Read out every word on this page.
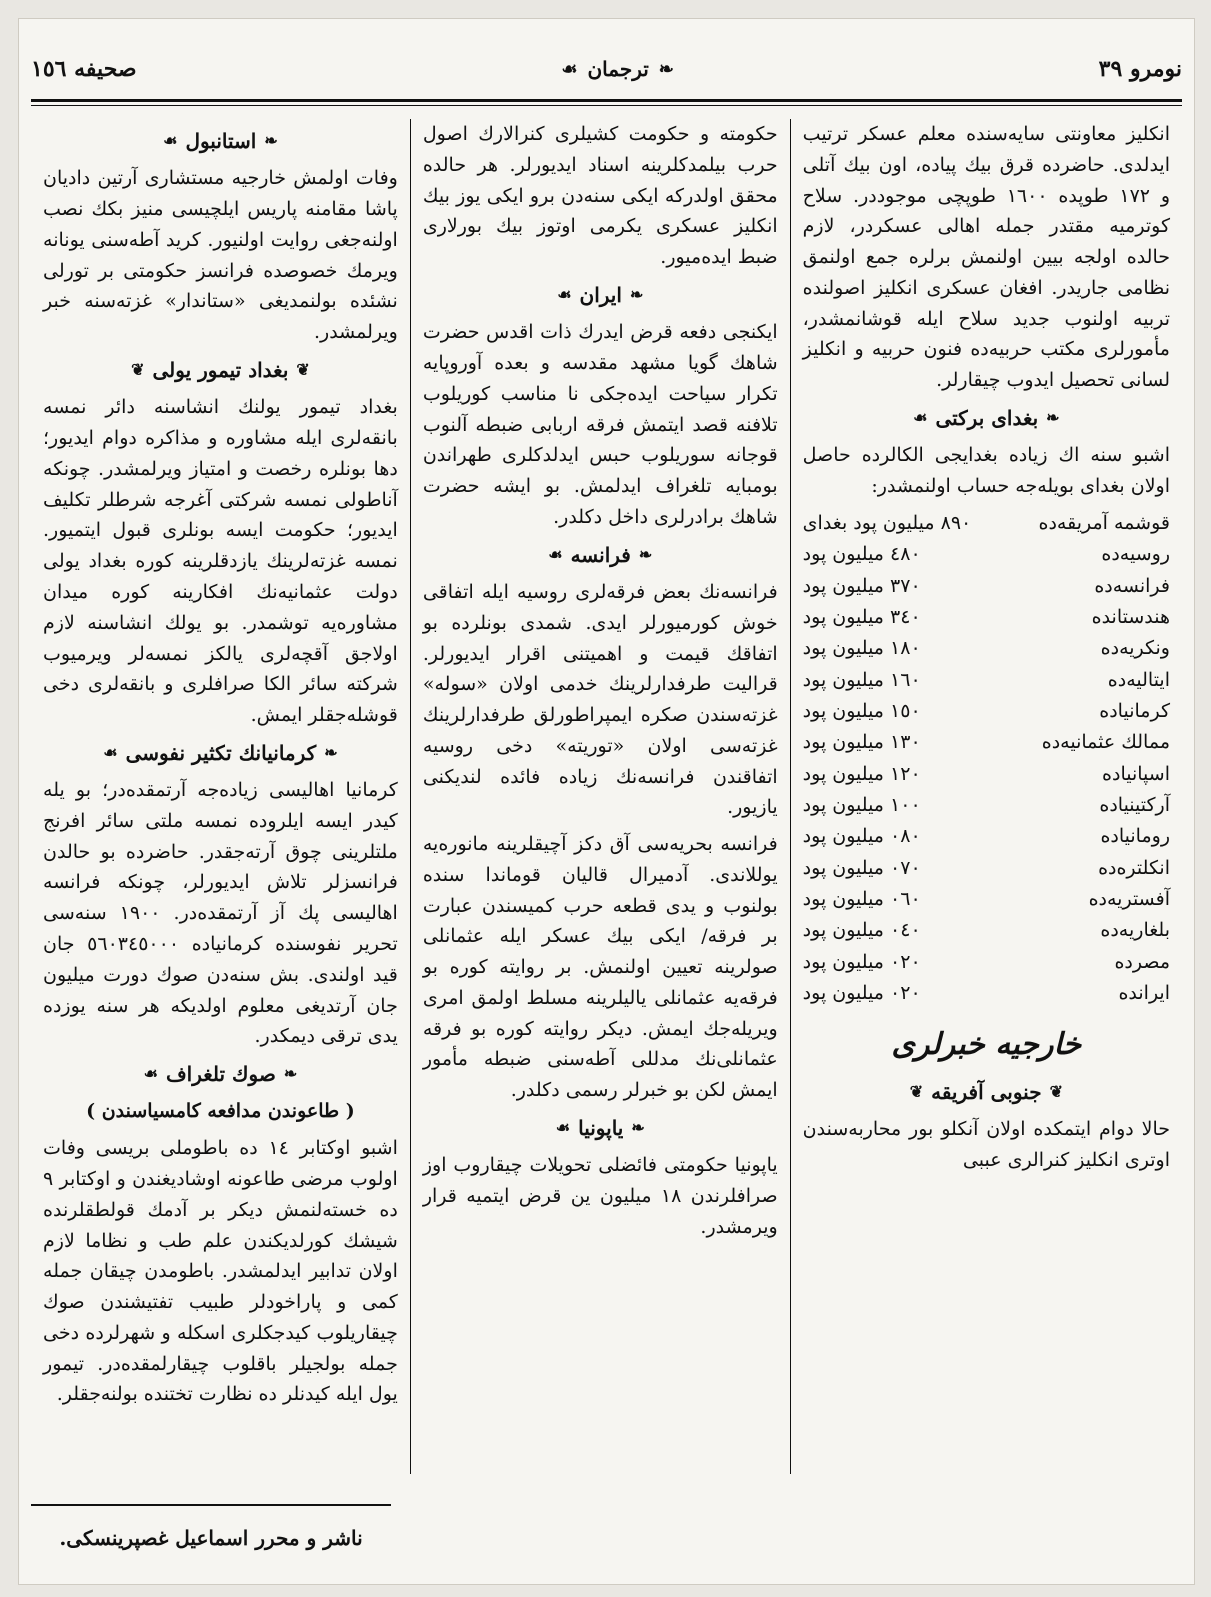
نومرو ٣٩
❧
ترجمان
☙
صحيفه ١٥٦

انكليز معاونتى سايه‌سنده معلم عسكر ترتيب ايدلدى. حاضرده قرق بيك پياده، اون بيك آتلى و ١٧٢ طوپده ١٦٠٠ طوپچى موجوددر. سلاح كوترميه مقتدر جمله اهالى عسكردر، لازم حالده اولجه بيين اولنمش برلره جمع اولنمق نظامى جاريدر. افغان عسكرى انكليز اصولنده تربيه اولنوب جديد سلاح ايله قوشانمشدر، مأمورلرى مكتب حربيه‌ده فنون حربيه و انكليز لسانى تحصيل ايدوب چيقارلر.

❧
بغداى بركتى
☙

اشبو سنه اك زياده بغدايجى الكالرده حاصل اولان بغداى بويله‌جه حساب اولنمشدر:

قوشمه آمريقه‌ده
٨٩٠ ميليون پود بغداى
روسيه‌ده
٤٨٠ ميليون پود
فرانسه‌ده
٣٧٠ ميليون پود
هندستانده
٣٤٠ ميليون پود
ونكريه‌ده
١٨٠ ميليون پود
ايتاليه‌ده
١٦٠ ميليون پود
كرمانياده
١٥٠ ميليون پود
ممالك عثمانيه‌ده
١٣٠ ميليون پود
اسپانياده
١٢٠ ميليون پود
آركتينياده
١٠٠ ميليون پود
رومانياده
٠٨٠ ميليون پود
انكلتره‌ده
٠٧٠ ميليون پود
آفستريه‌ده
٠٦٠ ميليون پود
بلغاريه‌ده
٠٤٠ ميليون پود
مصرده
٠٢٠ ميليون پود
ايرانده
٠٢٠ ميليون پود
خارجيه خبرلرى
❦
جنوبى آفريقه
❦

حالا دوام ايتمكده اولان آنكلو بور محاربه‌سندن اوترى انكليز كنرالرى عببى

حكومته و حكومت كشيلرى كنرالارك اصول حرب بيلمدكلرينه اسناد ايديورلر. هر حالده محقق اولدركه ايكى سنه‌دن برو ايكى يوز بيك انكليز عسكرى يكرمى اوتوز بيك بورلارى ضبط ايده‌ميور.

❧
ايران
☙

ايكنجى دفعه قرض ايدرك ذات اقدس حضرت شاهك گويا مشهد مقدسه و بعده آوروپايه تكرار سياحت ايده‌جكى نا مناسب كوريلوب تلافنه قصد ايتمش فرقه اربابى ضبطه آلنوب قوجانه سوريلوب حبس ايدلدكلرى طهراندن بومبايه تلغراف ايدلمش. بو ايشه حضرت شاهك برادرلرى داخل دكلدر.

❧
فرانسه
☙

فرانسه‌نك بعض فرقه‌لرى روسيه ايله اتفاقى خوش كورميورلر ايدى. شمدى بونلرده بو اتفاقك قيمت و اهميتنى اقرار ايديورلر. قراليت طرفدارلرينك خدمى اولان «سوله» غزته‌سندن صكره ايمپراطورلق طرفدارلرينك غزته‌سى اولان «توريته» دخى روسيه اتفاقندن فرانسه‌نك زياده فائده لنديكنى يازيور.

فرانسه بحريه‌سى آق دكز آچيقلرينه مانوره‌يه يوللاندى. آدميرال قاليان قوماندا سنده بولنوب و يدى قطعه حرب كميسندن عبارت بر فرقه/ ايكى بيك عسكر ايله عثمانلى صولرينه تعيين اولنمش. بر روايته كوره بو فرقه‌يه عثمانلى ياليلرينه مسلط اولمق امرى ويريله‌جك ايمش. ديكر روايته كوره بو فرقه عثمانلى‌نك مدللى آطه‌سنى ضبطه مأمور ايمش لكن بو خبرلر رسمى دكلدر.

❧
ياپونيا
☙

ياپونيا حكومتى فائضلى تحويلات چيقاروب اوز صرافلرندن ١٨ ميليون ين قرض ايتميه قرار ويرمشدر.

❧
استانبول
☙

وفات اولمش خارجيه مستشارى آرتين داديان پاشا مقامنه پاريس ايلچيسى منيز بكك نصب اولنه‌جغى روايت اولنيور. كريد آطه‌سنى يونانه ويرمك خصوصده فرانسز حكومتى بر تورلى نشئده بولنمديغى «ستاندار» غزته‌سنه خبر ويرلمشدر.

❦
بغداد تيمور يولى
❦

بغداد تيمور يولنك انشاسنه دائر نمسه بانقه‌لرى ايله مشاوره و مذاكره دوام ايديور؛ دها بونلره رخصت و امتياز ويرلمشدر. چونكه آناطولى نمسه شركتى آغرجه شرطلر تكليف ايديور؛ حكومت ايسه بونلرى قبول ايتميور. نمسه غزته‌لرينك يازدقلرينه كوره بغداد يولى دولت عثمانيه‌نك افكارينه كوره ميدان مشاوره‌يه توشمدر. بو يولك انشاسنه لازم اولاجق آقچه‌لرى يالكز نمسه‌لر ويرميوب شركته سائر الكا صرافلرى و بانقه‌لرى دخى قوشله‌جقلر ايمش.

❧
كرمانيانك تكثير نفوسى
☙

كرمانيا اهاليسى زياده‌جه آرتمقده‌در؛ بو يله كيدر ايسه ايلروده نمسه ملتى سائر افرنج ملتلرينى چوق آرته‌جقدر. حاضرده بو حالدن فرانسزلر تلاش ايديورلر، چونكه فرانسه اهاليسى پك آز آرتمقده‌در. ١٩٠٠ سنه‌سى تحرير نفوسنده كرمانياده ٥٦٠٣٤٥٠٠٠ جان قيد اولندى. بش سنه‌دن صوك دورت ميليون جان آرتديغى معلوم اولديكه هر سنه يوزده يدى ترقى ديمكدر.

❧
صوك تلغراف
☙
( طاعوندن مدافعه كامسياسندن )

اشبو اوكتابر ١٤ ده باطوملى بريسى وفات اولوب مرضى طاعونه اوشاديغندن و اوكتابر ٩ ده خسته‌لنمش ديكر بر آدمك قولطقلرنده شيشك كورلديكندن علم طب و نظاما لازم اولان تدابير ايدلمشدر. باطومدن چيقان جمله كمى و پاراخودلر طبيب تفتيشندن صوك چيقاريلوب كيدجكلرى اسكله و شهرلرده دخى جمله بولجيلر باقلوب چيقارلمقده‌در. تيمور يول ايله كيدنلر ده نظارت تختنده بولنه‌جقلر.

ناشر و محرر اسماعيل غصپرينسكى.
